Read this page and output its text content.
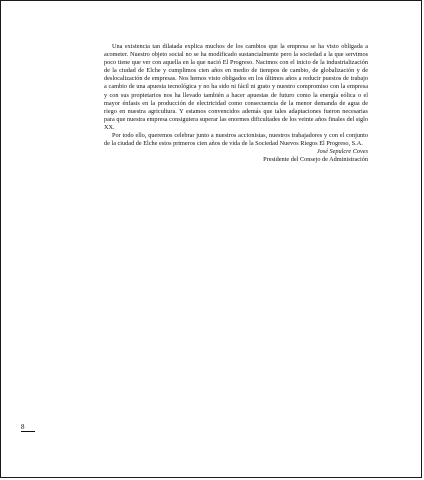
Una existencia tan dilatada explica muchos de los cambios que la empresa se ha visto obligada a acometer. Nuestro objeto social no se ha modificado sustancialmente pero la sociedad a la que servimos poco tiene que ver con aquella en la que nació El Progreso. Nacimos con el inicio de la industrialización de la ciudad de Elche y cumplimos cien años en medio de tiempos de cambio, de globalización y de deslocalización de empresas. Nos hemos visto obligados en los últimos años a reducir puestos de trabajo a cambio de una apuesta tecnológica y no ha sido ni fácil ni grato y nuestro compromiso con la empresa y con sus propietarios nos ha llevado también a hacer apuestas de futuro como la energía eólica o el mayor énfasis en la producción de electricidad como consecuencia de la menor demanda de agua de riego en nuestra agricultura. Y estamos convencidos además que tales adaptaciones fueron necesarias para que nuestra empresa consiguiera superar las enormes dificultades de los veinte años finales del siglo XX.

Por todo ello, queremos celebrar junto a nuestros accionistas, nuestros trabajadores y con el conjunto de la ciudad de Elche estos primeros cien años de vida de la Sociedad Nuevos Riegos El Progreso, S.A.

José Sepulcre Coves
Presidente del Consejo de Administración
8
